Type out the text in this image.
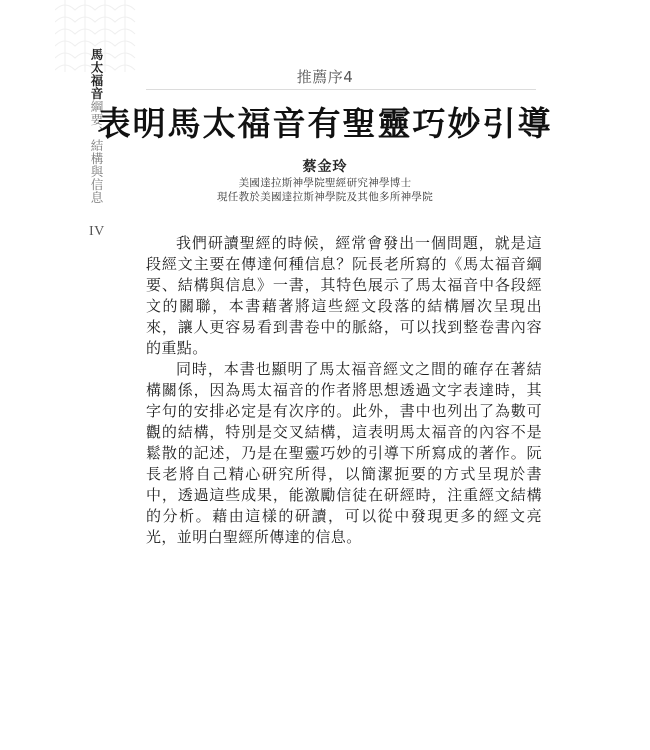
馬太福音綱要、結構與信息
IV
推薦序4
表明馬太福音有聖靈巧妙引導
蔡金玲
美國達拉斯神學院聖經研究神學博士
現任教於美國達拉斯神學院及其他多所神學院

我們研讀聖經的時候，經常會發出一個問題，就是這段經文主要在傳達何種信息？阮長老所寫的《馬太福音綱要、結構與信息》一書，其特色展示了馬太福音中各段經文的關聯，本書藉著將這些經文段落的結構層次呈現出來，讓人更容易看到書卷中的脈絡，可以找到整卷書內容的重點。

同時，本書也顯明了馬太福音經文之間的確存在著結構關係，因為馬太福音的作者將思想透過文字表達時，其字句的安排必定是有次序的。此外，書中也列出了為數可觀的結構，特別是交叉結構，這表明馬太福音的內容不是鬆散的記述，乃是在聖靈巧妙的引導下所寫成的著作。阮長老將自己精心研究所得，以簡潔扼要的方式呈現於書中，透過這些成果，能激勵信徒在研經時，注重經文結構的分析。藉由這樣的研讀，可以從中發現更多的經文亮光，並明白聖經所傳達的信息。
